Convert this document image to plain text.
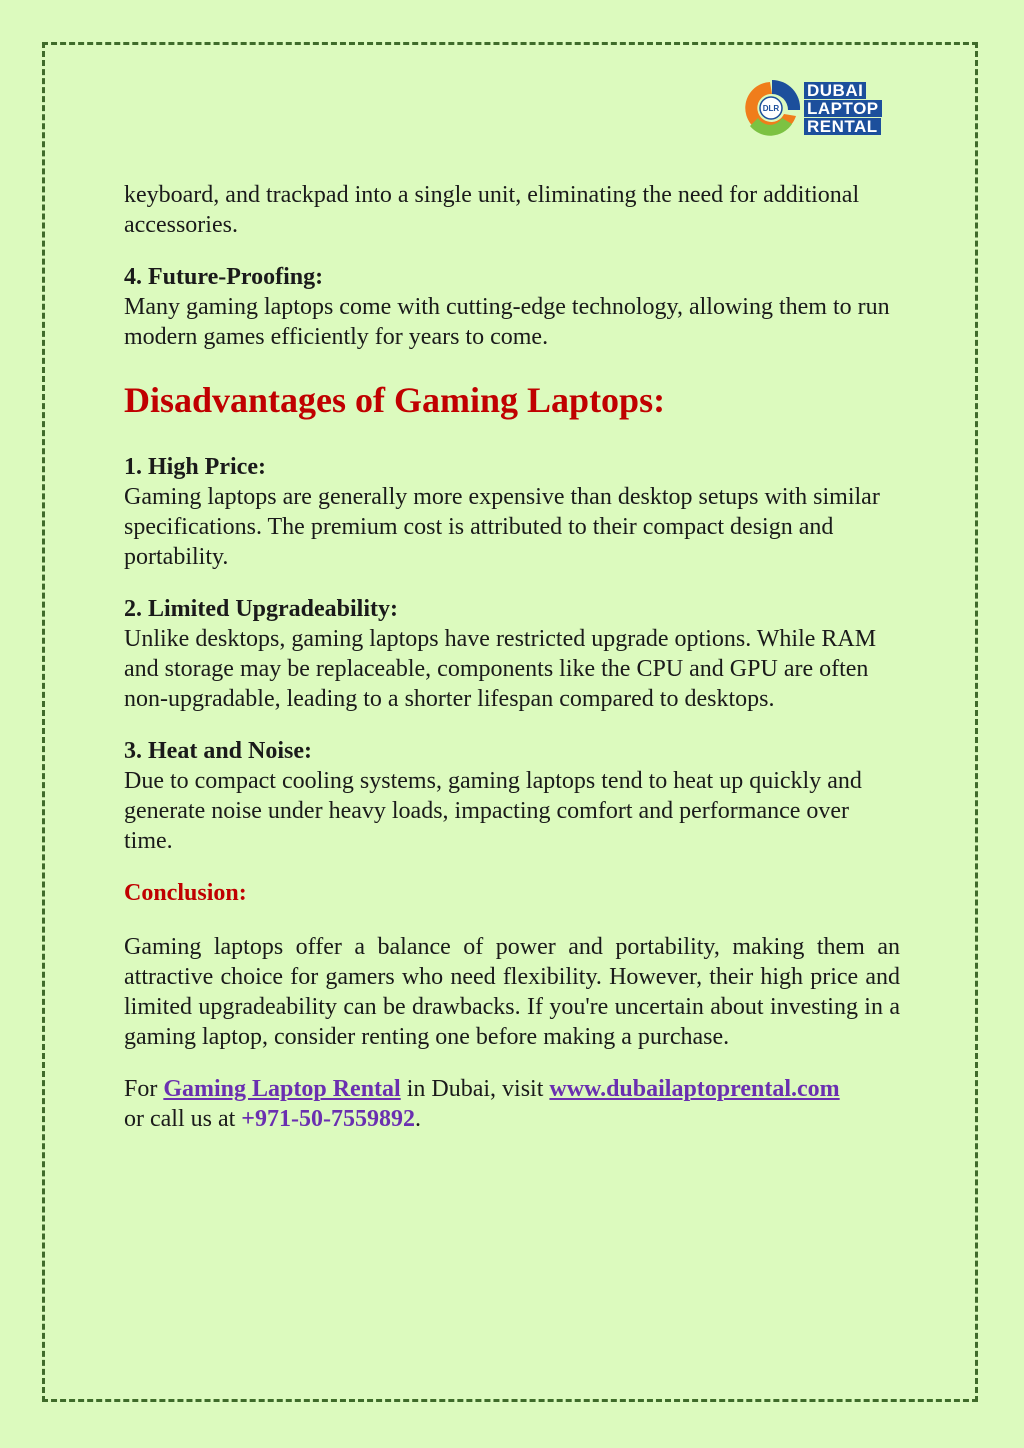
DLR
DUBAI
LAPTOP
RENTAL

keyboard, and trackpad into a single unit, eliminating the need for additional accessories.

4. Future-Proofing:

Many gaming laptops come with cutting-edge technology, allowing them to run modern games efficiently for years to come.

Disadvantages of Gaming Laptops:

1. High Price:

Gaming laptops are generally more expensive than desktop setups with similar specifications. The premium cost is attributed to their compact design and portability.

2. Limited Upgradeability:

Unlike desktops, gaming laptops have restricted upgrade options. While RAM and storage may be replaceable, components like the CPU and GPU are often non-upgradable, leading to a shorter lifespan compared to desktops.

3. Heat and Noise:

Due to compact cooling systems, gaming laptops tend to heat up quickly and generate noise under heavy loads, impacting comfort and performance over time.

Conclusion:

Gaming laptops offer a balance of power and portability, making them an attractive choice for gamers who need flexibility. However, their high price and limited upgradeability can be drawbacks. If you're uncertain about investing in a gaming laptop, consider renting one before making a purchase.

For Gaming Laptop Rental in Dubai, visit www.dubailaptoprental.com
or call us at +971-50-7559892.
